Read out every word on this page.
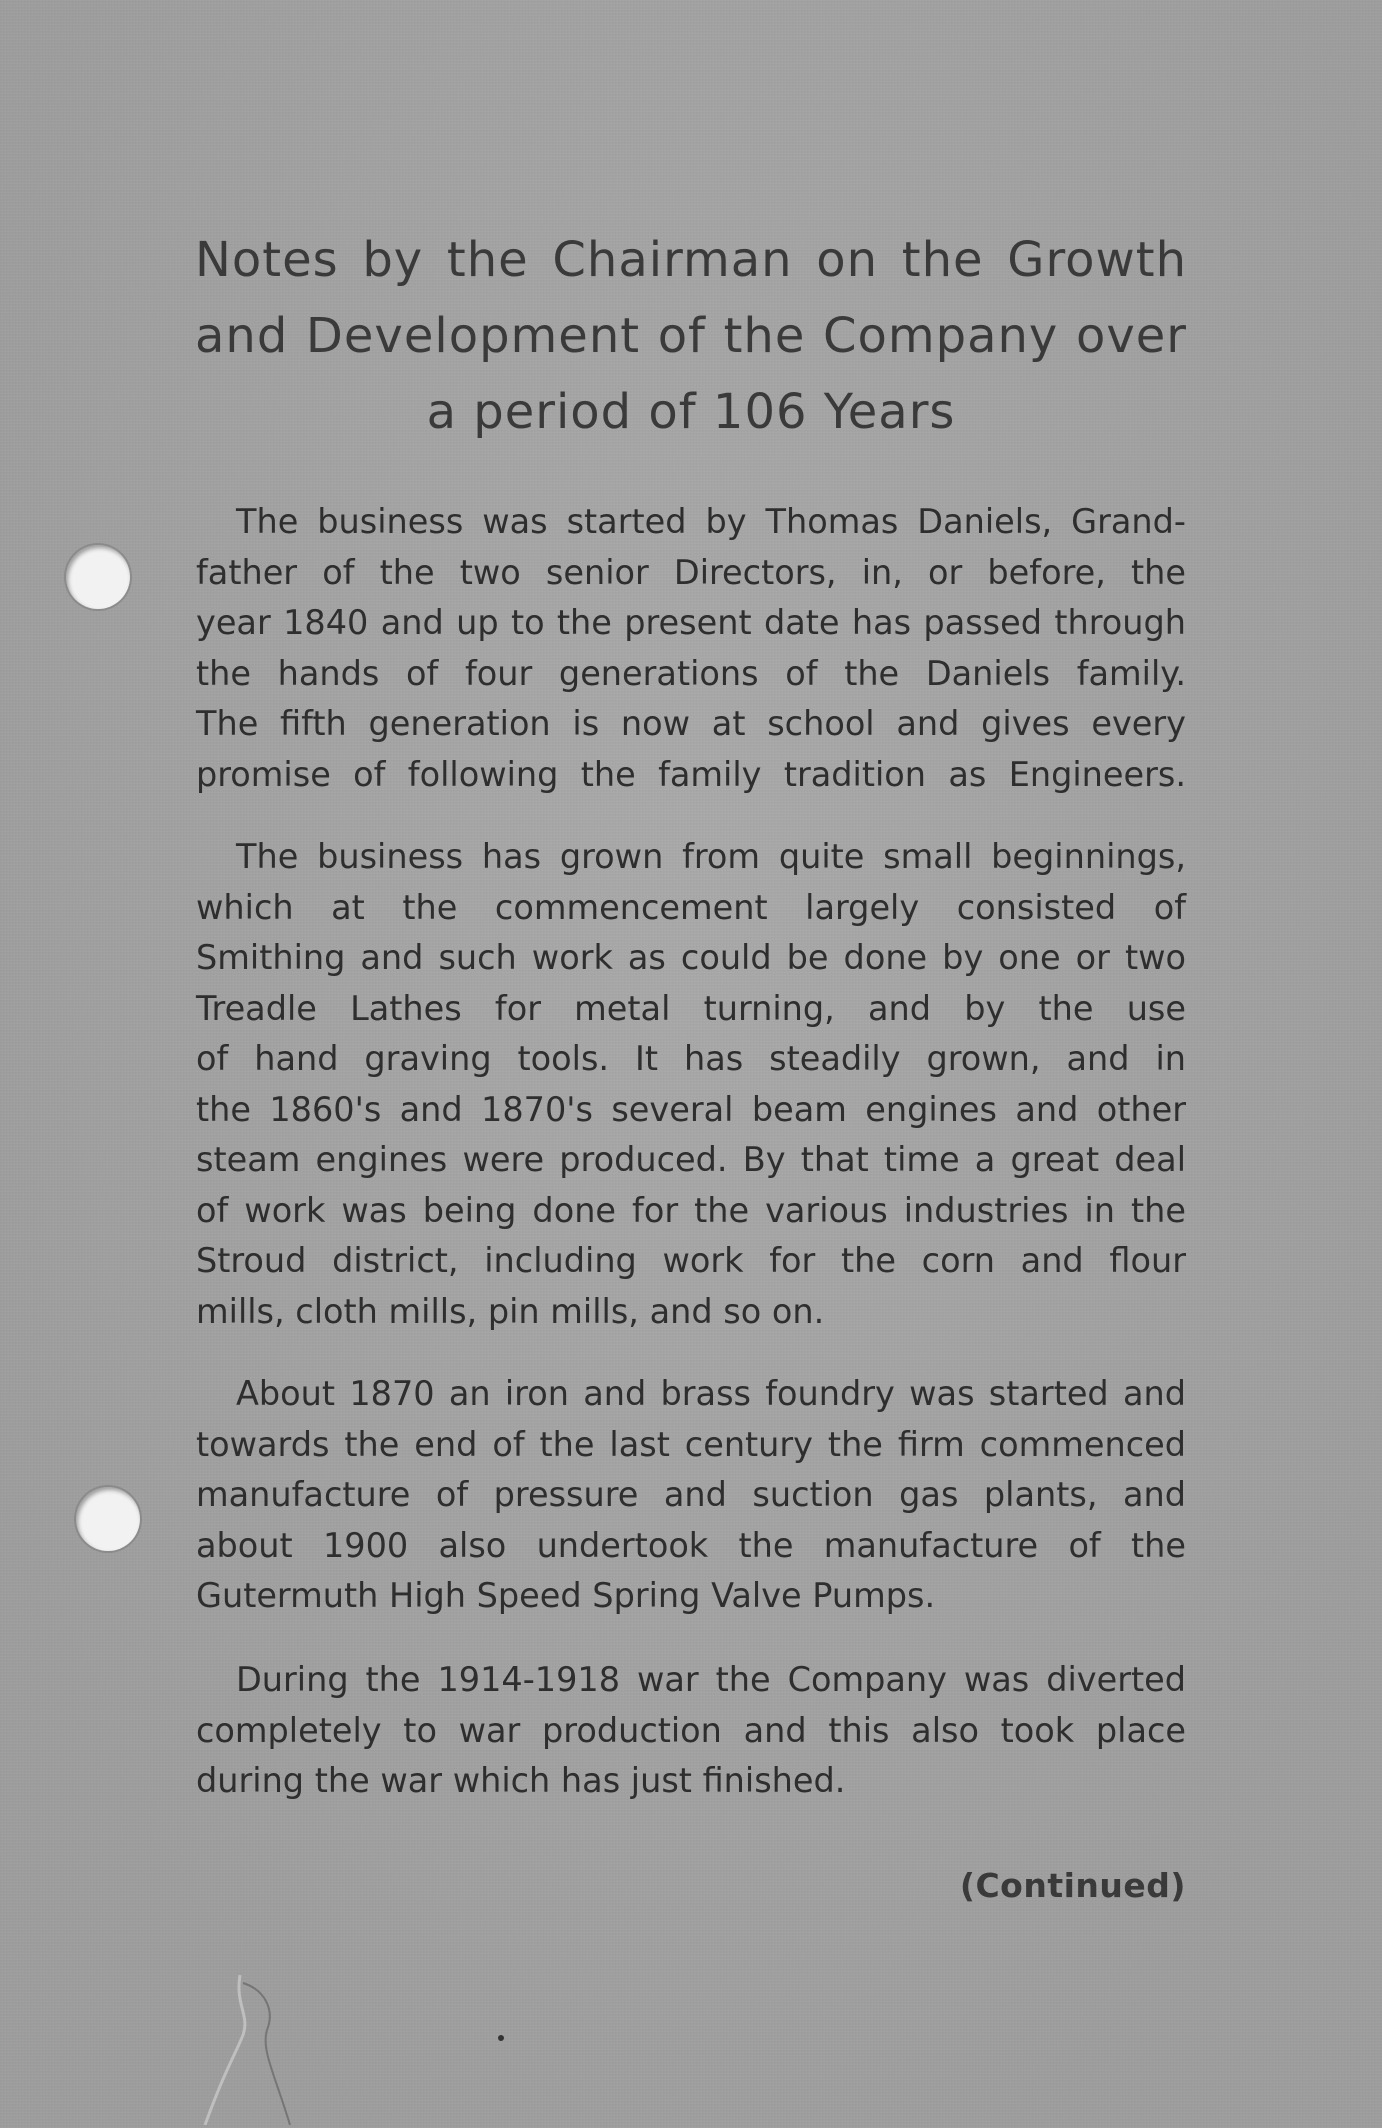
Notes by the Chairman on the Growth
and Development of the Company over
a period of 106 Years
The business was started by Thomas Daniels, Grand-
father of the two senior Directors, in, or before, the
year 1840 and up to the present date has passed through
the hands of four generations of the Daniels family.
The fifth generation is now at school and gives every
promise of following the family tradition as Engineers.
The business has grown from quite small beginnings,
which at the commencement largely consisted of
Smithing and such work as could be done by one or two
Treadle Lathes for metal turning, and by the use
of hand graving tools. It has steadily grown, and in
the 1860's and 1870's several beam engines and other
steam engines were produced. By that time a great deal
of work was being done for the various industries in the
Stroud district, including work for the corn and flour
mills, cloth mills, pin mills, and so on.
About 1870 an iron and brass foundry was started and
towards the end of the last century the firm commenced
manufacture of pressure and suction gas plants, and
about 1900 also undertook the manufacture of the
Gutermuth High Speed Spring Valve Pumps.
During the 1914-1918 war the Company was diverted
completely to war production and this also took place
during the war which has just finished.
(Continued)
